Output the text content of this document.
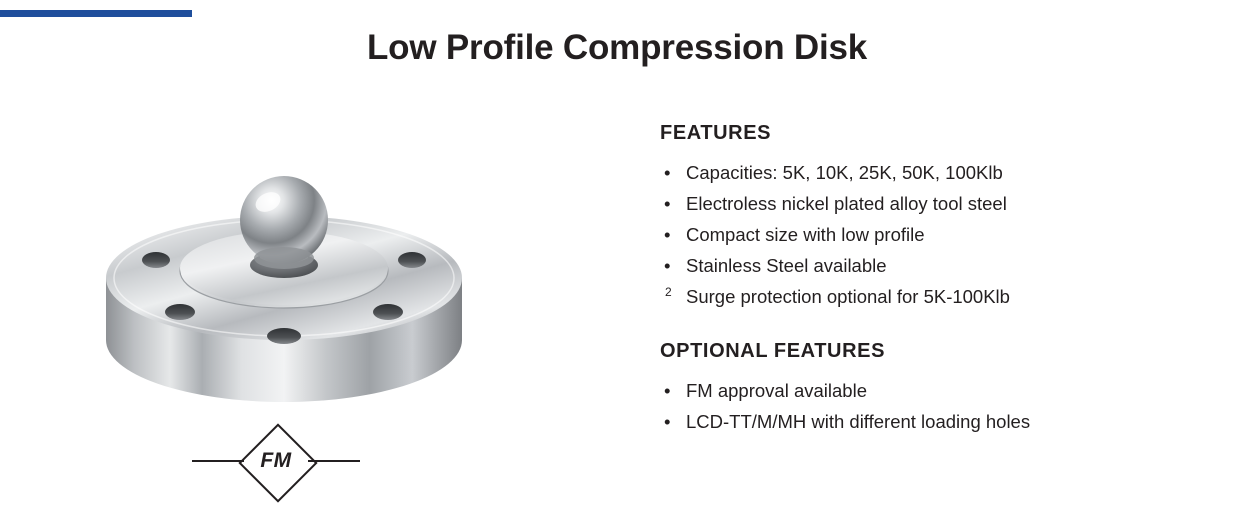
Low Profile Compression Disk
FM
FEATURES
• Capacities: 5K, 10K, 25K, 50K, 100Klb
• Electroless nickel plated alloy tool steel
• Compact size with low profile
• Stainless Steel available
2 Surge protection optional for 5K-100Klb
OPTIONAL FEATURES
• FM approval available
• LCD-TT/M/MH with different loading holes
